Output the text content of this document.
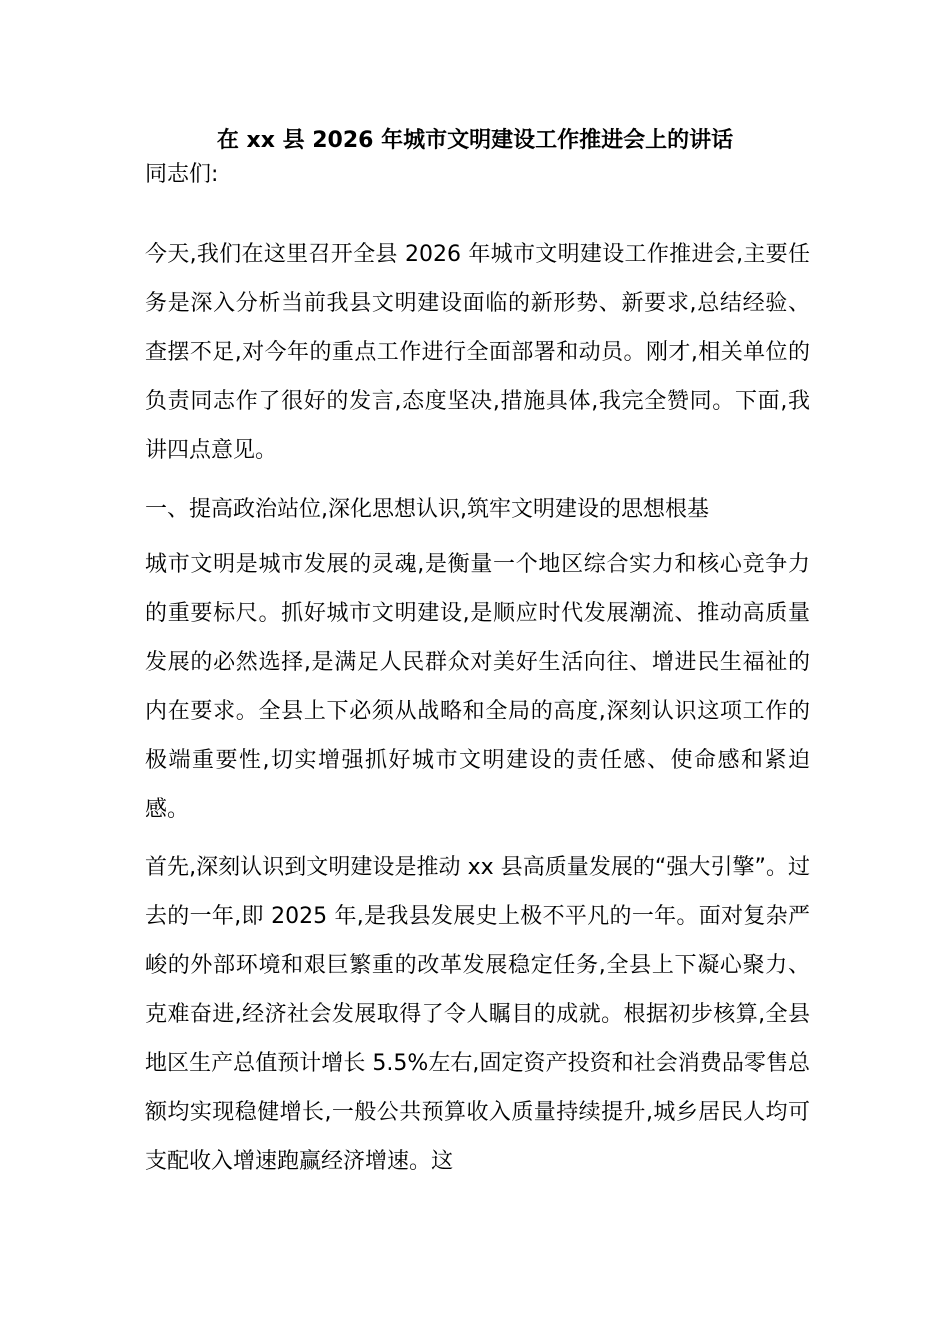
在 xx 县 2026 年城市文明建设工作推进会上的讲话
同志们:
今天,我们在这里召开全县 2026 年城市文明建设工作推进会,主要任务是深入分析当前我县文明建设面临的新形势、新要求,总结经验、查摆不足,对今年的重点工作进行全面部署和动员。刚才,相关单位的负责同志作了很好的发言,态度坚决,措施具体,我完全赞同。下面,我讲四点意见。
一、提高政治站位,深化思想认识,筑牢文明建设的思想根基
城市文明是城市发展的灵魂,是衡量一个地区综合实力和核心竞争力的重要标尺。抓好城市文明建设,是顺应时代发展潮流、推动高质量发展的必然选择,是满足人民群众对美好生活向往、增进民生福祉的内在要求。全县上下必须从战略和全局的高度,深刻认识这项工作的极端重要性,切实增强抓好城市文明建设的责任感、使命感和紧迫感。
首先,深刻认识到文明建设是推动 xx 县高质量发展的“强大引擎”。过去的一年,即 2025 年,是我县发展史上极不平凡的一年。面对复杂严峻的外部环境和艰巨繁重的改革发展稳定任务,全县上下凝心聚力、克难奋进,经济社会发展取得了令人瞩目的成就。根据初步核算,全县地区生产总值预计增长 5.5%左右,固定资产投资和社会消费品零售总额均实现稳健增长,一般公共预算收入质量持续提升,城乡居民人均可支配收入增速跑赢经济增速。这
